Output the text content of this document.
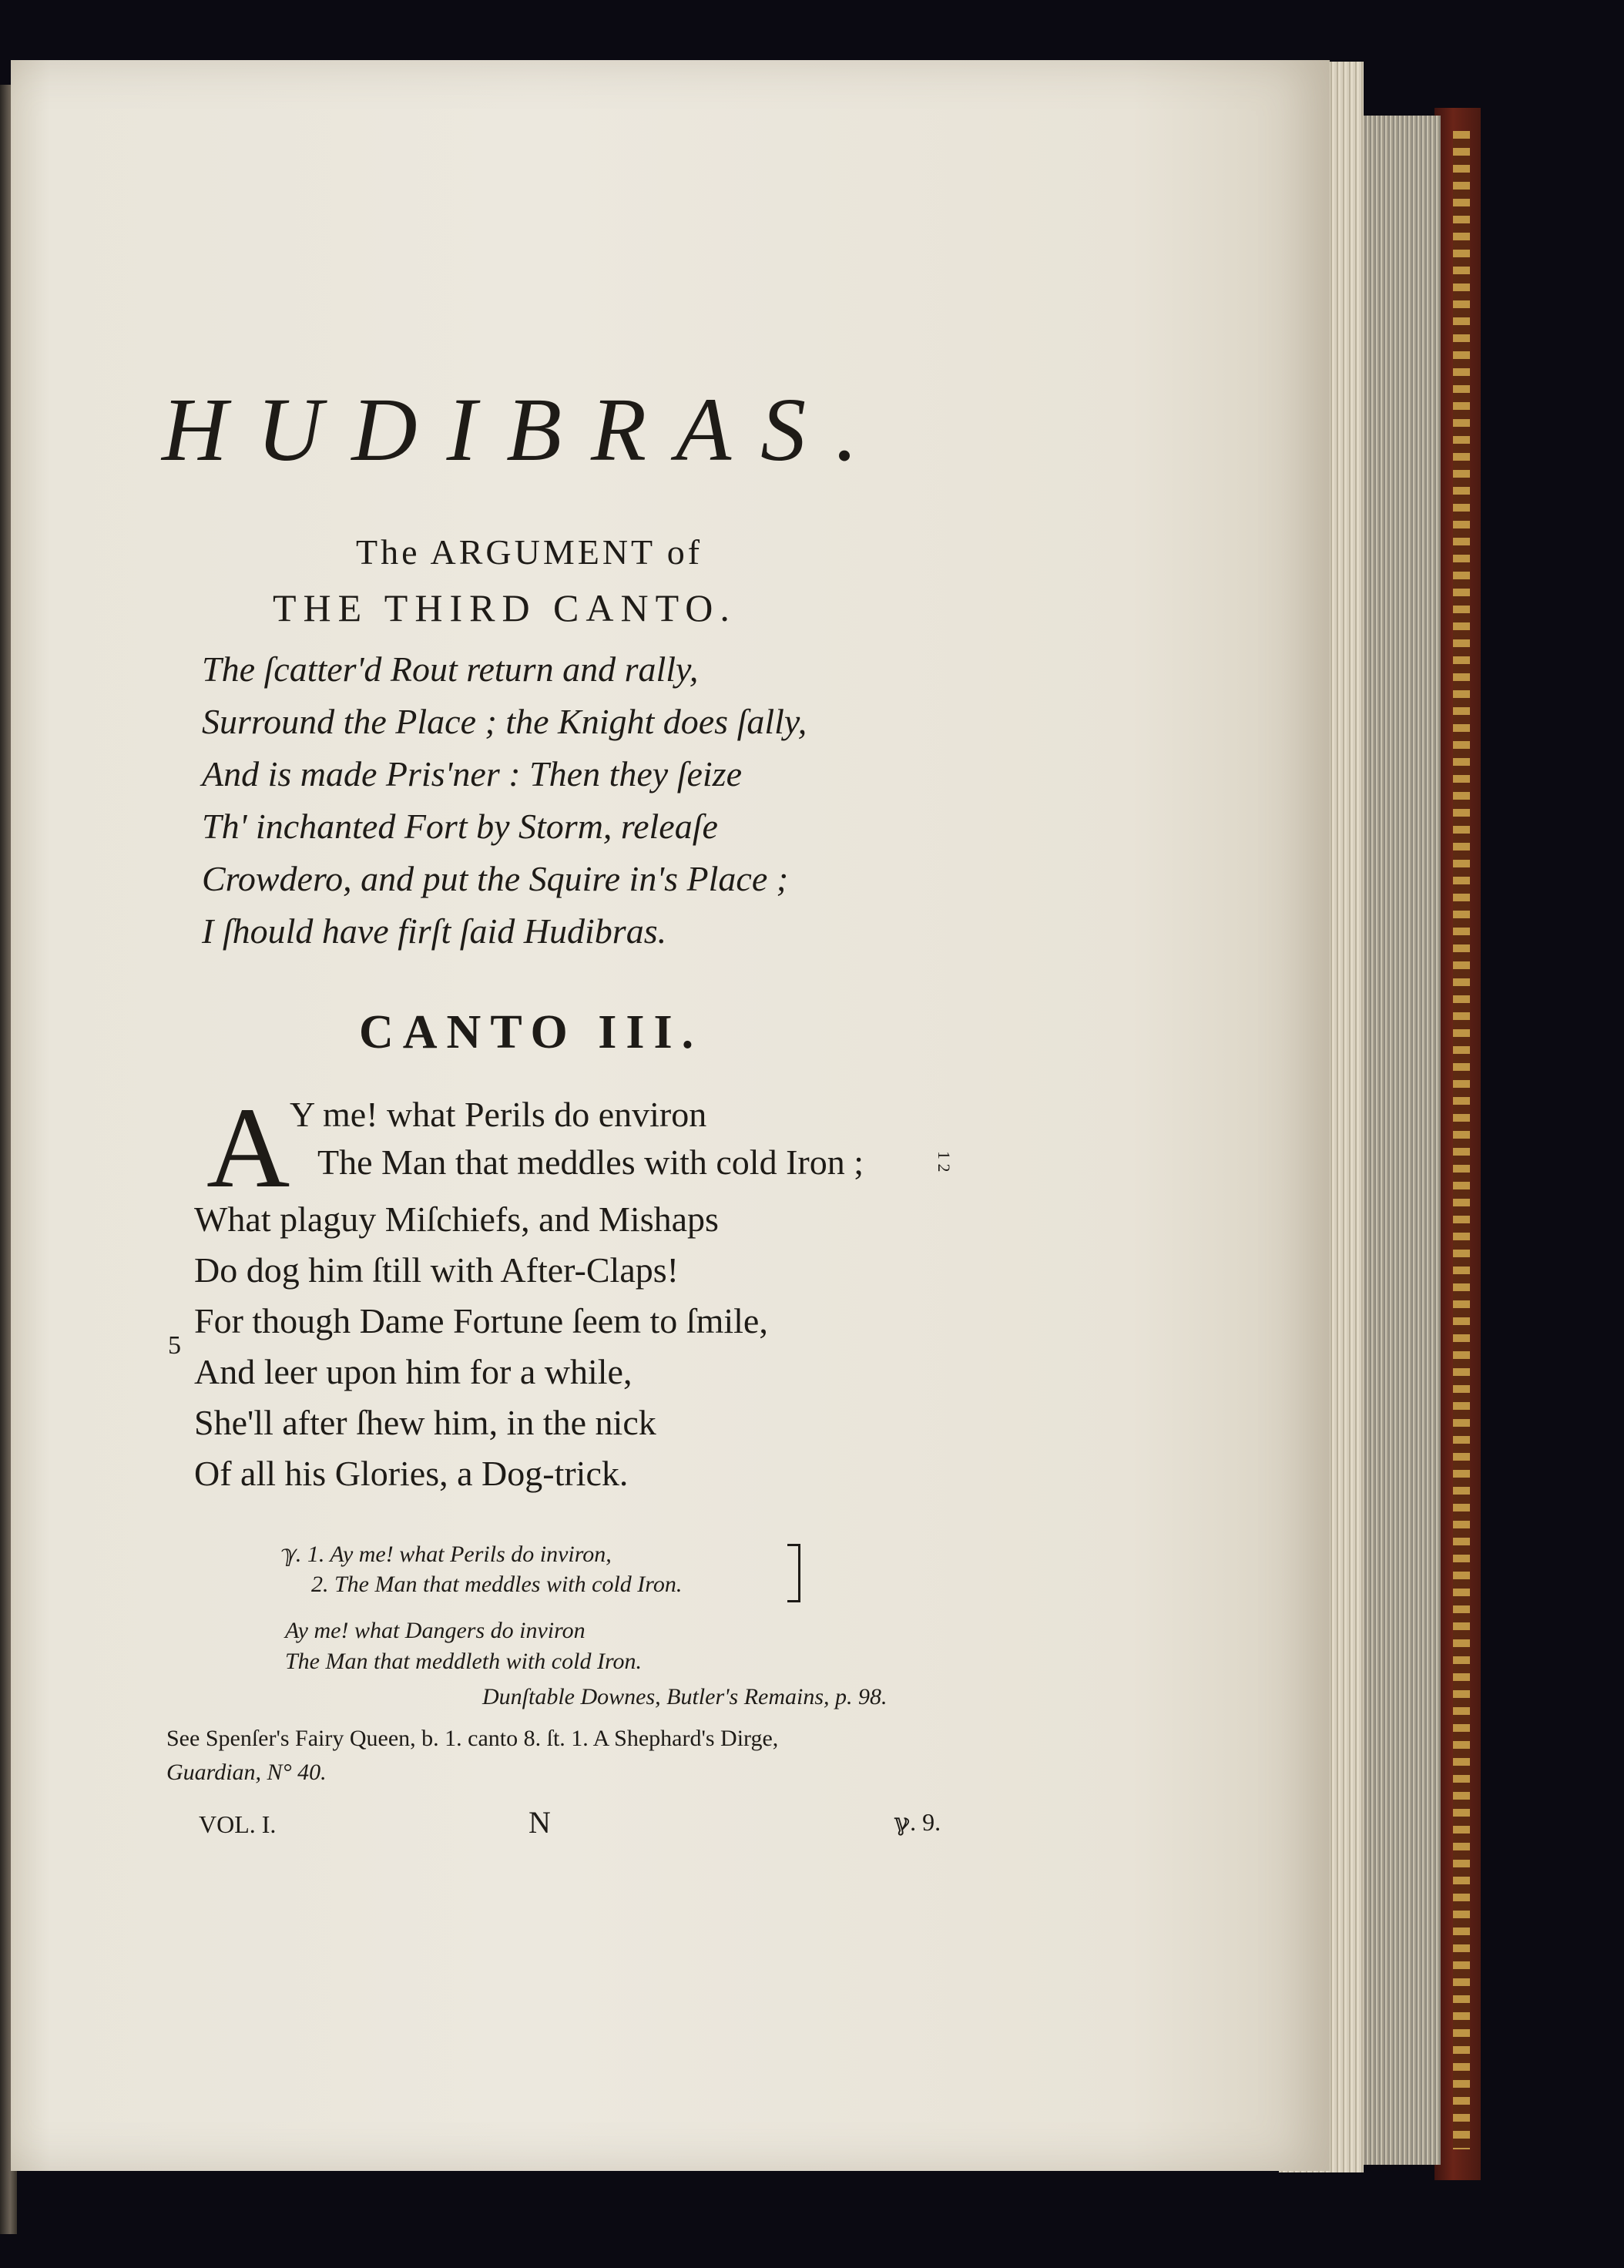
HUDIBRAS.
The ARGUMENT of
THE THIRD CANTO.
The ſcatter'd Rout return and rally,
Surround the Place ; the Knight does ſally,
And is made Pris'ner : Then they ſeize
Th' inchanted Fort by Storm, releaſe
Crowdero, and put the Squire in's Place ;
I ſhould have firſt ſaid Hudibras.
CANTO III.
A Y me! what Perils do environ
The Man that meddles with cold Iron ;	1 2
What plaguy Miſchiefs, and Mishaps
Do dog him ſtill with After-Claps!
5
For though Dame Fortune ſeem to ſmile,
And leer upon him for a while,
She'll after ſhew him, in the nick
Of all his Glories, a Dog-trick.
ℽ. 1. Ay me! what Perils do inviron,
2. The Man that meddles with cold Iron.
Ay me! what Dangers do inviron
The Man that meddleth with cold Iron.
Dunſtable Downes, Butler's Remains, p. 98.
See Spenſer's Fairy Queen, b. 1. canto 8. ſt. 1. A Shephard's Dirge,
Guardian, N° 40.
VOL. I.	N	ℽ. 9.
